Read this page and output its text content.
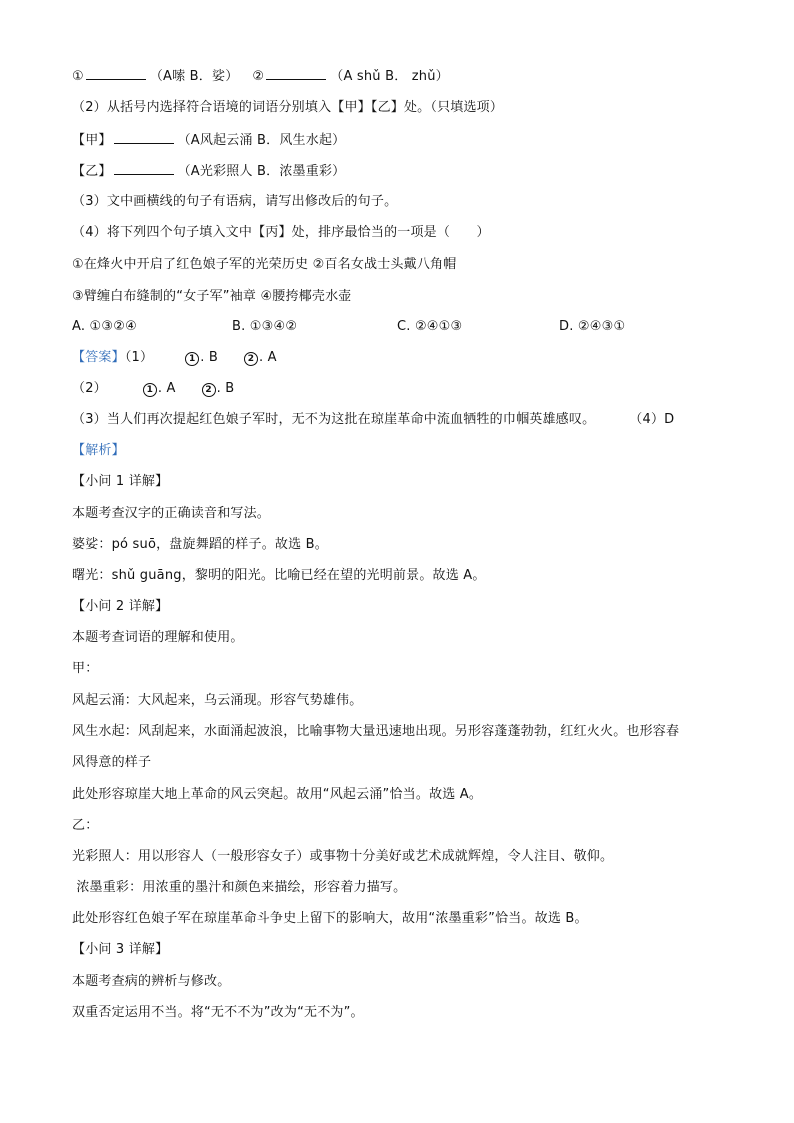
①	（A嗦 B．娑） ②	（A shǔ B． zhǔ）
（2）从括号内选择符合语境的词语分别填入【甲】【乙】处。（只填选项）
【甲】	（A风起云涌 B．风生水起）
【乙】	（A光彩照人 B．浓墨重彩）
（3）文中画横线的句子有语病，请写出修改后的句子。
（4）将下列四个句子填入文中【丙】处，排序最恰当的一项是（　　）
①在烽火中开启了红色娘子军的光荣历史 ②百名女战士头戴八角帽
③臂缠白布缝制的“女子军”袖章 ④腰挎椰壳水壶
A. ①③②④	B. ①③④②	C. ②④①③	D. ②④③①
【答案】（1）	1 . B	2 . A
（2）	1 . A	2 . B
（3）当人们再次提起红色娘子军时，无不为这批在琼崖革命中流血牺牲的巾帼英雄感叹。	（4）D
【解析】
【小问 1 详解】
本题考查汉字的正确读音和写法。
婆娑：pó suō，盘旋舞蹈的样子。故选 B。
曙光：shǔ guāng，黎明的阳光。比喻已经在望的光明前景。故选 A。
【小问 2 详解】
本题考查词语的理解和使用。
甲：
风起云涌：大风起来，乌云涌现。形容气势雄伟。
风生水起：风刮起来，水面涌起波浪，比喻事物大量迅速地出现。另形容蓬蓬勃勃，红红火火。也形容春
风得意的样子
此处形容琼崖大地上革命的风云突起。故用“风起云涌”恰当。故选 A。
乙：
光彩照人：用以形容人（一般形容女子）或事物十分美好或艺术成就辉煌，令人注目、敬仰。
浓墨重彩：用浓重的墨汁和颜色来描绘，形容着力描写。
此处形容红色娘子军在琼崖革命斗争史上留下的影响大，故用“浓墨重彩”恰当。故选 B。
【小问 3 详解】
本题考查病的辨析与修改。
双重否定运用不当。将“无不不为”改为“无不为”。
